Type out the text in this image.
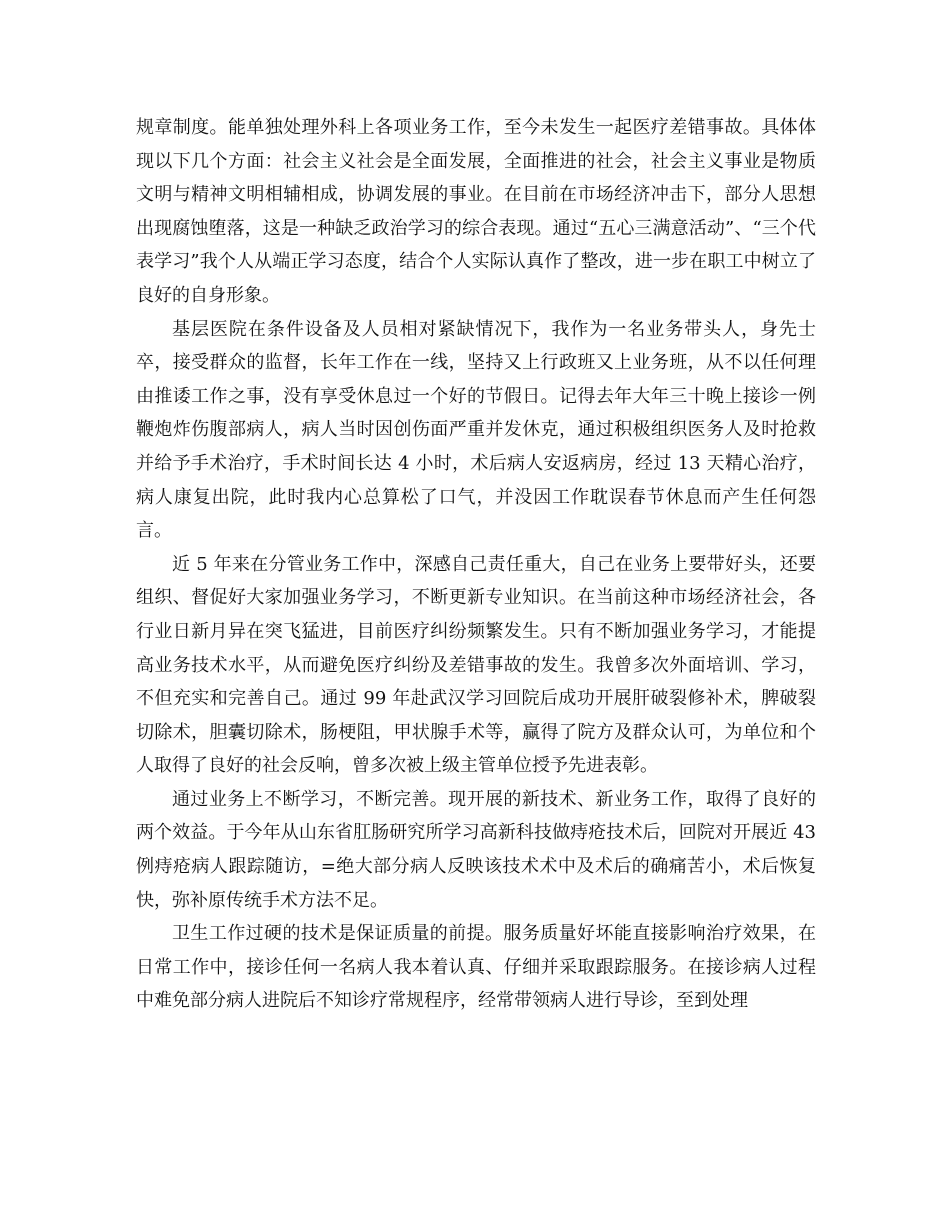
规章制度。能单独处理外科上各项业务工作，至今未发生一起医疗差错事故。具体体现以下几个方面：社会主义社会是全面发展，全面推进的社会，社会主义事业是物质文明与精神文明相辅相成，协调发展的事业。在目前在市场经济冲击下，部分人思想出现腐蚀堕落，这是一种缺乏政治学习的综合表现。通过“五心三满意活动”、“三个代表学习”我个人从端正学习态度，结合个人实际认真作了整改，进一步在职工中树立了良好的自身形象。

基层医院在条件设备及人员相对紧缺情况下，我作为一名业务带头人，身先士卒，接受群众的监督，长年工作在一线，坚持又上行政班又上业务班，从不以任何理由推诿工作之事，没有享受休息过一个好的节假日。记得去年大年三十晚上接诊一例鞭炮炸伤腹部病人，病人当时因创伤面严重并发休克，通过积极组织医务人及时抢救并给予手术治疗，手术时间长达 4 小时，术后病人安返病房，经过 13 天精心治疗，病人康复出院，此时我内心总算松了口气，并没因工作耽误春节休息而产生任何怨言。

近 5 年来在分管业务工作中，深感自己责任重大，自己在业务上要带好头，还要组织、督促好大家加强业务学习，不断更新专业知识。在当前这种市场经济社会，各行业日新月异在突飞猛进，目前医疗纠纷频繁发生。只有不断加强业务学习，才能提高业务技术水平，从而避免医疗纠纷及差错事故的发生。我曾多次外面培训、学习，不但充实和完善自己。通过 99 年赴武汉学习回院后成功开展肝破裂修补术，脾破裂切除术，胆囊切除术，肠梗阻，甲状腺手术等，赢得了院方及群众认可，为单位和个人取得了良好的社会反响，曾多次被上级主管单位授予先进表彰。

通过业务上不断学习，不断完善。现开展的新技术、新业务工作，取得了良好的两个效益。于今年从山东省肛肠研究所学习高新科技做痔疮技术后，回院对开展近 43 例痔疮病人跟踪随访，=绝大部分病人反映该技术术中及术后的确痛苦小，术后恢复快，弥补原传统手术方法不足。

卫生工作过硬的技术是保证质量的前提。服务质量好坏能直接影响治疗效果，在日常工作中，接诊任何一名病人我本着认真、仔细并采取跟踪服务。在接诊病人过程中难免部分病人进院后不知诊疗常规程序，经常带领病人进行导诊，至到处理
